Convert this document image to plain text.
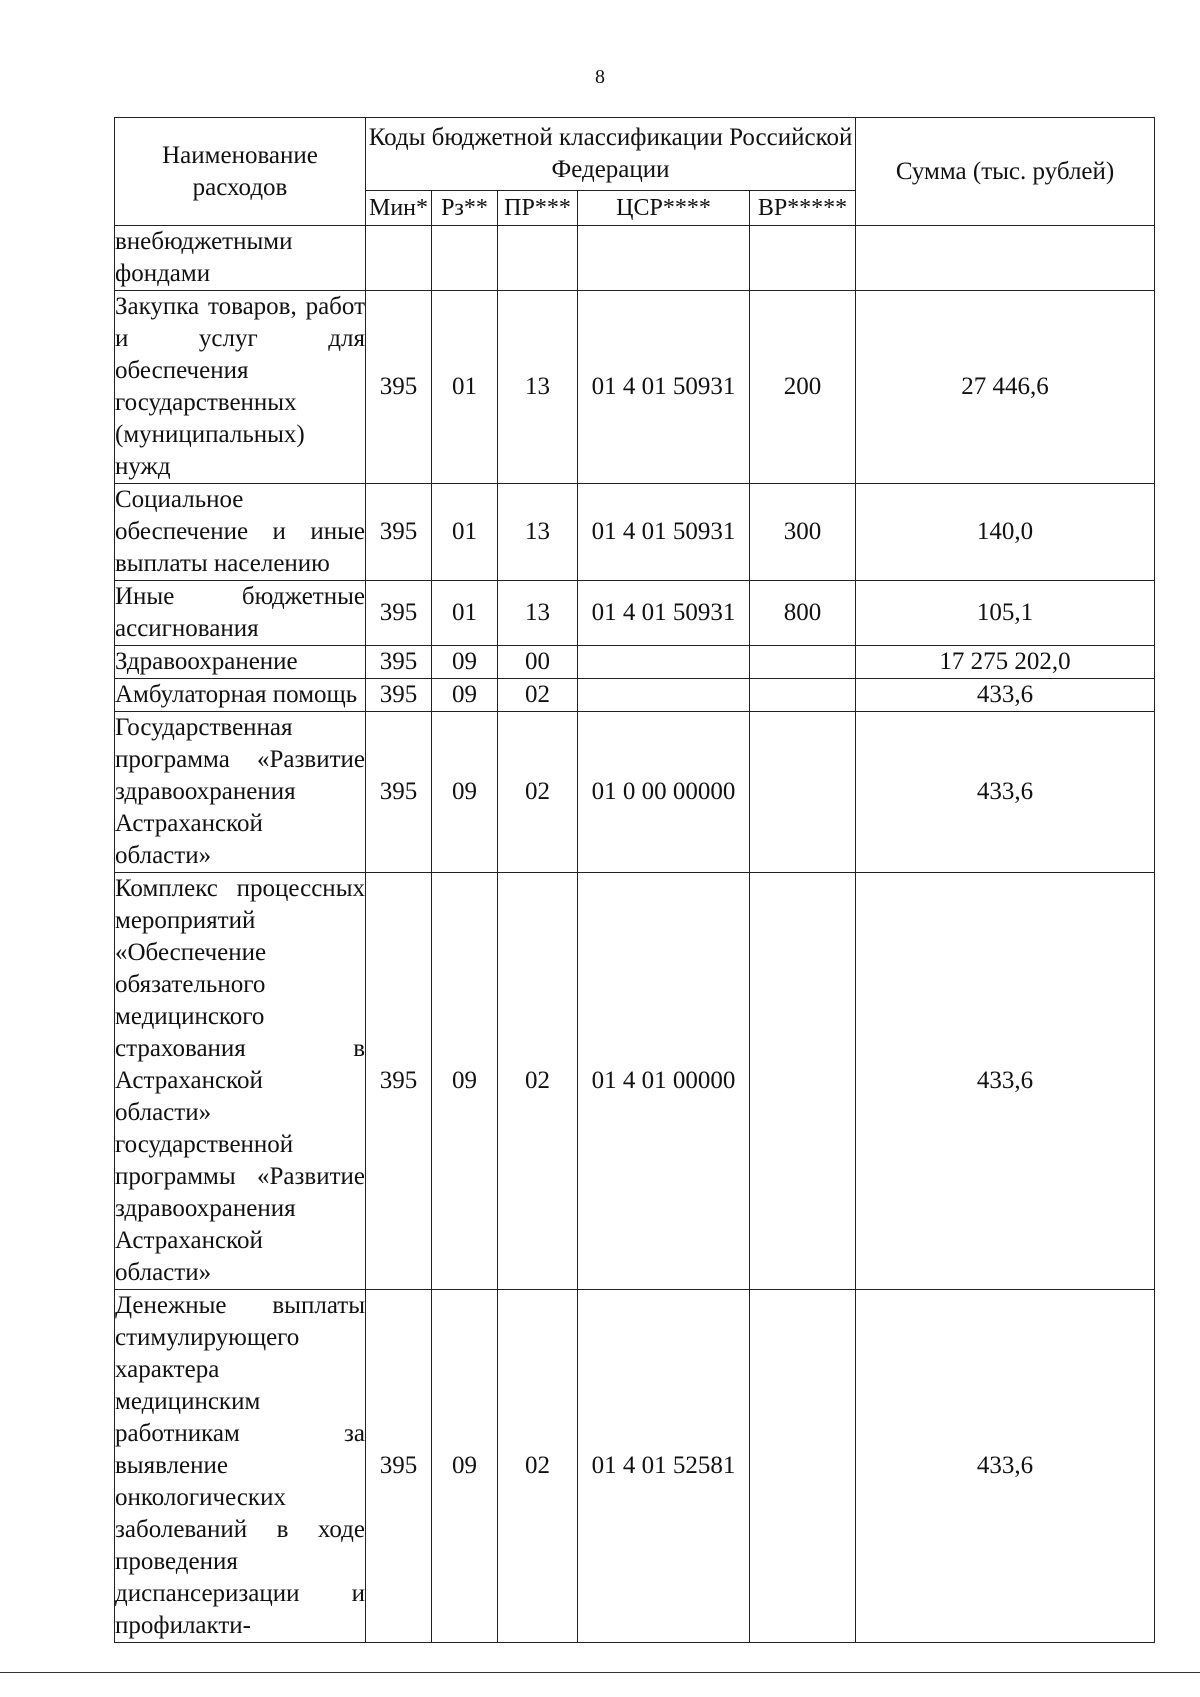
8
Наименование расходов	Коды бюджетной классификации Российской Федерации					Сумма (тыс. рублей)
	Мин*	Рз**	ПР***	ЦСР****	ВР*****	
внебюджетными фондами						
Закупка товаров, работ и услуг для обеспечения государственных (муниципальных) нужд	395	01	13	01 4 01 50931	200	27 446,6
Социальное обеспечение и иные выплаты населению	395	01	13	01 4 01 50931	300	140,0
Иные бюджетные ассигнования	395	01	13	01 4 01 50931	800	105,1
Здравоохранение	395	09	00			17 275 202,0
Амбулаторная помощь	395	09	02			433,6
Государственная программа «Развитие здравоохранения Астраханской области»	395	09	02	01 0 00 00000		433,6
Комплекс процессных мероприятий «Обеспечение обязательного медицинского страхования в Астраханской области» государственной программы «Развитие здравоохранения Астраханской области»	395	09	02	01 4 01 00000		433,6
Денежные выплаты стимулирующего характера медицинским работникам за выявление онкологических заболеваний в ходе проведения диспансеризации и профилакти-	395	09	02	01 4 01 52581		433,6
